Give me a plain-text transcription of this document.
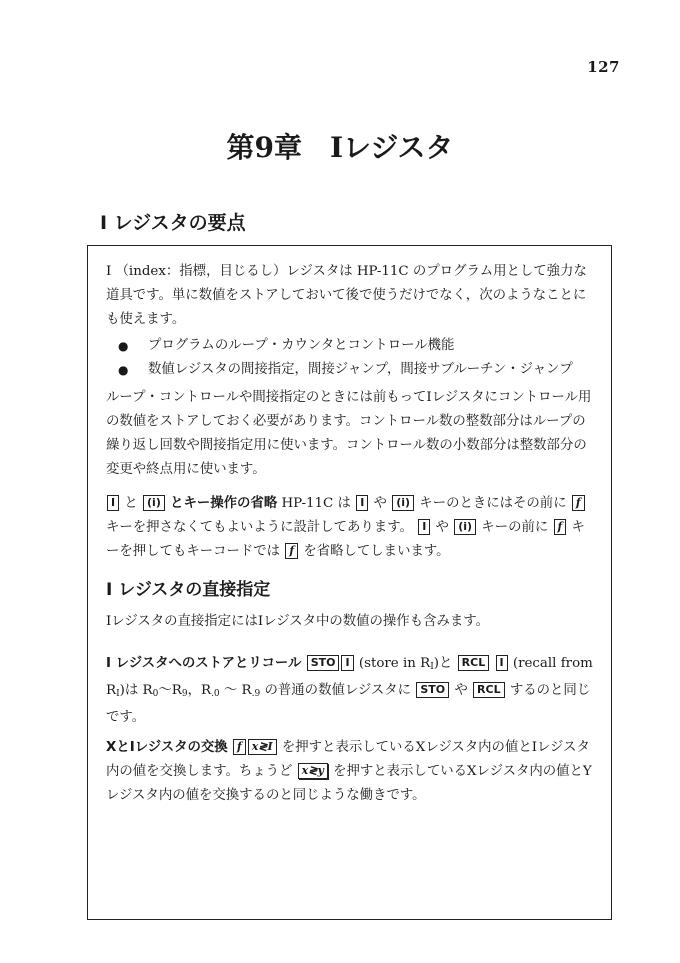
127
第9章　Iレジスタ
I レジスタの要点

I （index：指標，目じるし）レジスタは HP-11C のプログラム用として強力な道具です。単に数値をストアしておいて後で使うだけでなく，次のようなことにも使えます。

● プログラムのループ・カウンタとコントロール機能
● 数値レジスタの間接指定，間接ジャンプ，間接サブルーチン・ジャンプ

ループ・コントロールや間接指定のときには前もってIレジスタにコントロール用の数値をストアしておく必要があります。コントロール数の整数部分はループの繰り返し回数や間接指定用に使います。コントロール数の小数部分は整数部分の変更や終点用に使います。

I と (i) とキー操作の省略 HP-11C は I や (i) キーのときにはその前に f キーを押さなくてもよいように設計してあります。 I や (i) キーの前に f キーを押してもキーコードでは f を省略してしまいます。

I レジスタの直接指定

Iレジスタの直接指定にはIレジスタ中の数値の操作も含みます。

I レジスタへのストアとリコール STO I (store in $R_I$)と RCL I (recall from $R_I$)は $R_0$〜$R_9$，$R_{.0}$ 〜 $R_{.9}$ の普通の数値レジスタに STO や RCL するのと同じです。

XとIレジスタの交換 f x≷I を押すと表示しているXレジスタ内の値とIレジスタ内の値を交換します。ちょうど x≷y を押すと表示しているXレジスタ内の値とYレジスタ内の値を交換するのと同じような働きです。
